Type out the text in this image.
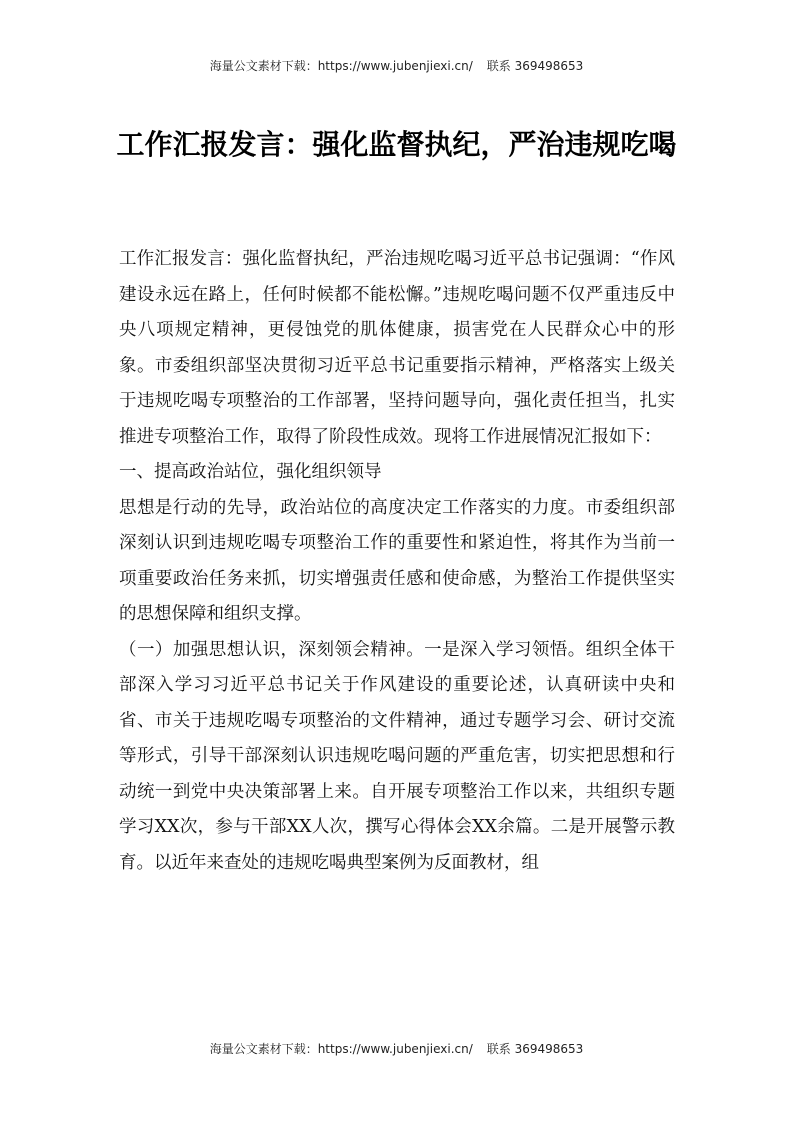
海量公文素材下载：https://www.jubenjiexi.cn/ 联系 369498653
工作汇报发言：强化监督执纪，严治违规吃喝

工作汇报发言：强化监督执纪，严治违规吃喝习近平总书记强调：“作风建设永远在路上，任何时候都不能松懈。”违规吃喝问题不仅严重违反中央八项规定精神，更侵蚀党的肌体健康，损害党在人民群众心中的形象。市委组织部坚决贯彻习近平总书记重要指示精神，严格落实上级关于违规吃喝专项整治的工作部署，坚持问题导向，强化责任担当，扎实推进专项整治工作，取得了阶段性成效。现将工作进展情况汇报如下：

一、提高政治站位，强化组织领导

思想是行动的先导，政治站位的高度决定工作落实的力度。市委组织部深刻认识到违规吃喝专项整治工作的重要性和紧迫性，将其作为当前一项重要政治任务来抓，切实增强责任感和使命感，为整治工作提供坚实的思想保障和组织支撑。

（一）加强思想认识，深刻领会精神。一是深入学习领悟。组织全体干部深入学习习近平总书记关于作风建设的重要论述，认真研读中央和省、市关于违规吃喝专项整治的文件精神，通过专题学习会、研讨交流等形式，引导干部深刻认识违规吃喝问题的严重危害，切实把思想和行动统一到党中央决策部署上来。自开展专项整治工作以来，共组织专题学习XX次，参与干部XX人次，撰写心得体会XX余篇。二是开展警示教育。以近年来查处的违规吃喝典型案例为反面教材，组

海量公文素材下载：https://www.jubenjiexi.cn/ 联系 369498653
